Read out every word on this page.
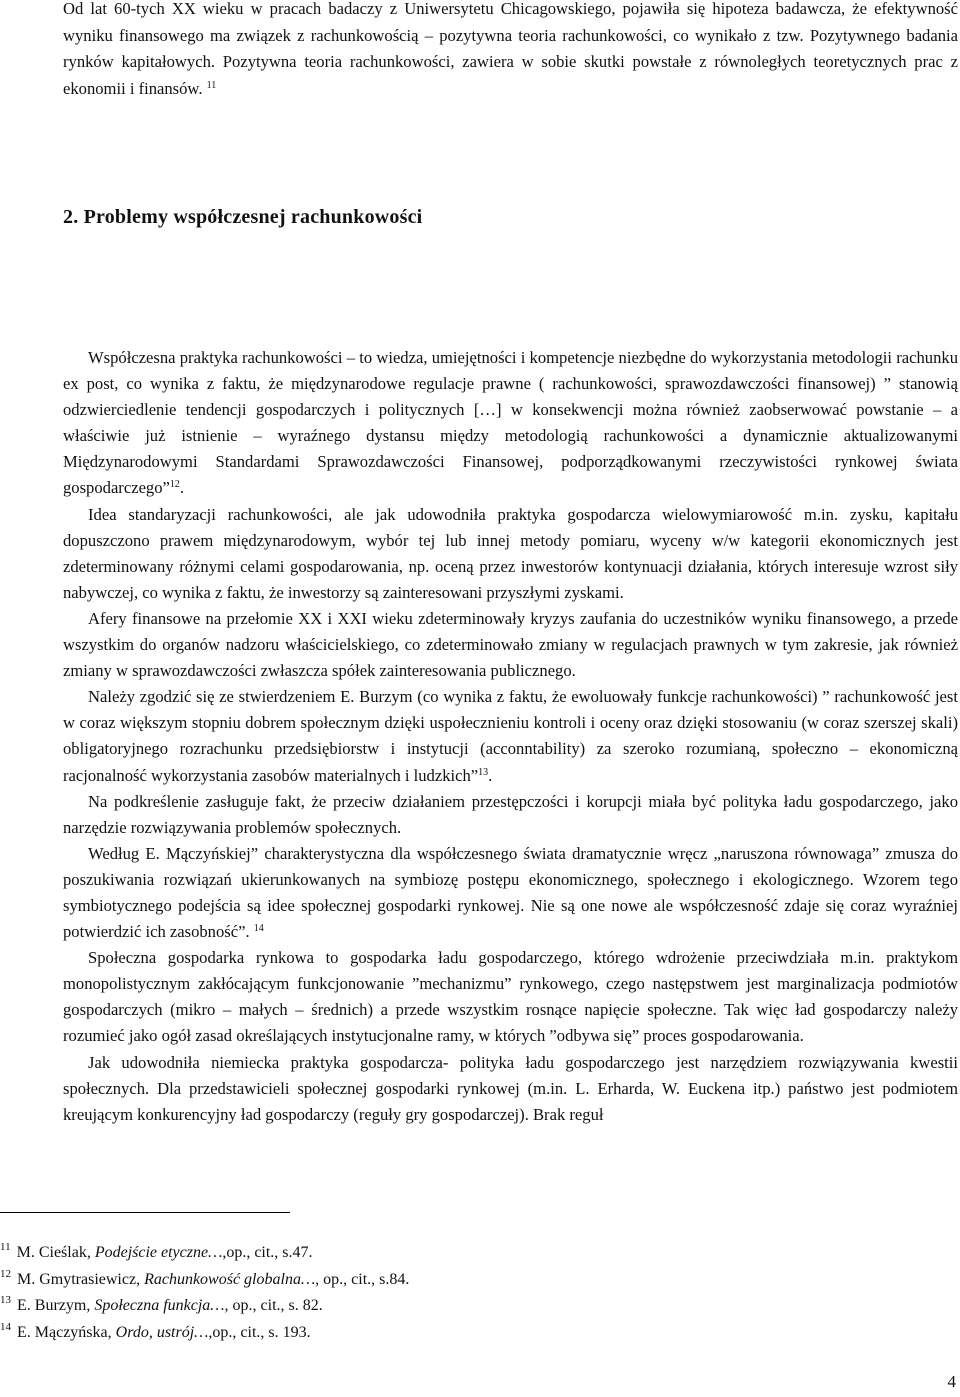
Od lat 60-tych XX wieku w pracach badaczy z Uniwersytetu Chicagowskiego, pojawiła się hipoteza badawcza, że efektywność wyniku finansowego ma związek z rachunkowością – pozytywna teoria rachunkowości, co wynikało z tzw. Pozytywnego badania rynków kapitałowych. Pozytywna teoria rachunkowości, zawiera w sobie skutki powstałe z równoległych teoretycznych prac z ekonomii i finansów. $^{11}$

2. Problemy współczesnej rachunkowości

Współczesna praktyka rachunkowości – to wiedza, umiejętności i kompetencje niezbędne do wykorzystania metodologii rachunku ex post, co wynika z faktu, że międzynarodowe regulacje prawne ( rachunkowości, sprawozdawczości finansowej) ” stanowią odzwierciedlenie tendencji gospodarczych i politycznych […] w konsekwencji można również zaobserwować powstanie – a właściwie już istnienie – wyraźnego dystansu między metodologią rachunkowości a dynamicznie aktualizowanymi Międzynarodowymi Standardami Sprawozdawczości Finansowej, podporządkowanymi rzeczywistości rynkowej świata gospodarczego”$^{12}$.

Idea standaryzacji rachunkowości, ale jak udowodniła praktyka gospodarcza wielowymiarowość m.in. zysku, kapitału dopuszczono prawem międzynarodowym, wybór tej lub innej metody pomiaru, wyceny w/w kategorii ekonomicznych jest zdeterminowany różnymi celami gospodarowania, np. oceną przez inwestorów kontynuacji działania, których interesuje wzrost siły nabywczej, co wynika z faktu, że inwestorzy są zainteresowani przyszłymi zyskami.

Afery finansowe na przełomie XX i XXI wieku zdeterminowały kryzys zaufania do uczestników wyniku finansowego, a przede wszystkim do organów nadzoru właścicielskiego, co zdeterminowało zmiany w regulacjach prawnych w tym zakresie, jak również zmiany w sprawozdawczości zwłaszcza spółek zainteresowania publicznego.

Należy zgodzić się ze stwierdzeniem E. Burzym (co wynika z faktu, że ewoluowały funkcje rachunkowości) ” rachunkowość jest w coraz większym stopniu dobrem społecznym dzięki uspołecznieniu kontroli i oceny oraz dzięki stosowaniu (w coraz szerszej skali) obligatoryjnego rozrachunku przedsiębiorstw i instytucji (acconntability) za szeroko rozumianą, społeczno – ekonomiczną racjonalność wykorzystania zasobów materialnych i ludzkich”$^{13}$.

Na podkreślenie zasługuje fakt, że przeciw działaniem przestępczości i korupcji miała być polityka ładu gospodarczego, jako narzędzie rozwiązywania problemów społecznych.

Według E. Mączyńskiej” charakterystyczna dla współczesnego świata dramatycznie wręcz „naruszona równowaga” zmusza do poszukiwania rozwiązań ukierunkowanych na symbiozę postępu ekonomicznego, społecznego i ekologicznego. Wzorem tego symbiotycznego podejścia są idee społecznej gospodarki rynkowej. Nie są one nowe ale współczesność zdaje się coraz wyraźniej potwierdzić ich zasobność”. $^{14}$

Społeczna gospodarka rynkowa to gospodarka ładu gospodarczego, którego wdrożenie przeciwdziała m.in. praktykom monopolistycznym zakłócającym funkcjonowanie ”mechanizmu” rynkowego, czego następstwem jest marginalizacja podmiotów gospodarczych (mikro – małych – średnich) a przede wszystkim rosnące napięcie społeczne. Tak więc ład gospodarczy należy rozumieć jako ogół zasad określających instytucjonalne ramy, w których ”odbywa się” proces gospodarowania.

Jak udowodniła niemiecka praktyka gospodarcza- polityka ładu gospodarczego jest narzędziem rozwiązywania kwestii społecznych. Dla przedstawicieli społecznej gospodarki rynkowej (m.in. L. Erharda, W. Euckena itp.) państwo jest podmiotem kreującym konkurencyjny ład gospodarczy (reguły gry gospodarczej). Brak reguł

$^{11}$ M. Cieślak, Podejście etyczne…,op., cit., s.47.
$^{12}$ M. Gmytrasiewicz, Rachunkowość globalna…, op., cit., s.84.
$^{13}$ E. Burzym, Społeczna funkcja…, op., cit., s. 82.
$^{14}$ E. Mączyńska, Ordo, ustrój…,op., cit., s. 193.
4
